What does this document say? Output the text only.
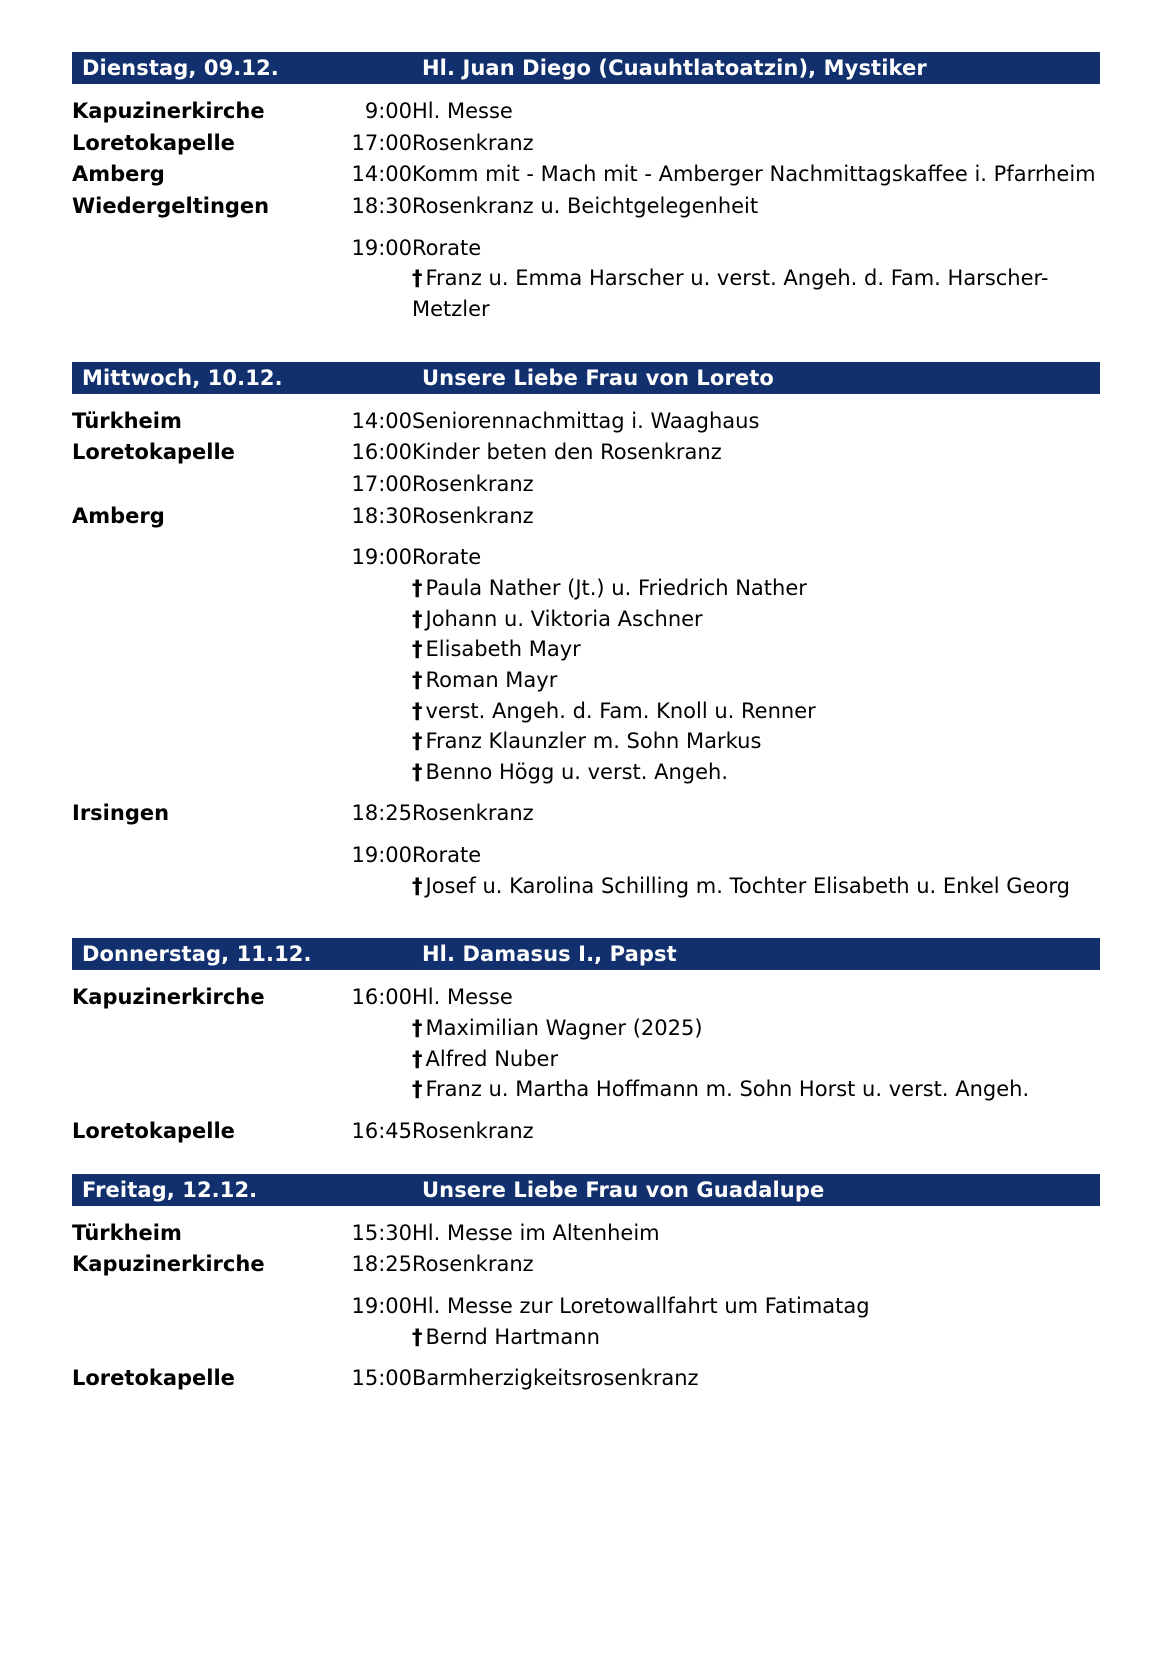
Dienstag, 09.12.	Hl. Juan Diego (Cuauhtlatoatzin), Mystiker
Kapuzinerkirche	9:00	Hl. Messe

Loretokapelle	17:00	Rosenkranz

Amberg	14:00	Komm mit - Mach mit - Amberger Nachmittagskaffee i. Pfarrheim

Wiedergeltingen	18:30	Rosenkranz u. Beichtgelegenheit

	19:00	Rorate
† Franz u. Emma Harscher u. verst. Angeh. d. Fam. Harscher-Metzler

Mittwoch, 10.12.	Unsere Liebe Frau von Loreto
Türkheim	14:00	Seniorennachmittag i. Waaghaus

Loretokapelle	16:00	Kinder beten den Rosenkranz

	17:00	Rosenkranz

Amberg	18:30	Rosenkranz

	19:00	Rorate
† Paula Nather (Jt.) u. Friedrich Nather
† Johann u. Viktoria Aschner
† Elisabeth Mayr
† Roman Mayr
† verst. Angeh. d. Fam. Knoll u. Renner
† Franz Klaunzler m. Sohn Markus
† Benno Högg u. verst. Angeh.

Irsingen	18:25	Rosenkranz

	19:00	Rorate
† Josef u. Karolina Schilling m. Tochter Elisabeth u. Enkel Georg

Donnerstag, 11.12.	Hl. Damasus I., Papst
Kapuzinerkirche	16:00	Hl. Messe
† Maximilian Wagner (2025)
† Alfred Nuber
† Franz u. Martha Hoffmann m. Sohn Horst u. verst. Angeh.

Loretokapelle	16:45	Rosenkranz
Freitag, 12.12.	Unsere Liebe Frau von Guadalupe
Türkheim	15:30	Hl. Messe im Altenheim

Kapuzinerkirche	18:25	Rosenkranz

	19:00	Hl. Messe zur Loretowallfahrt um Fatimatag
† Bernd Hartmann

Loretokapelle	15:00	Barmherzigkeitsrosenkranz
